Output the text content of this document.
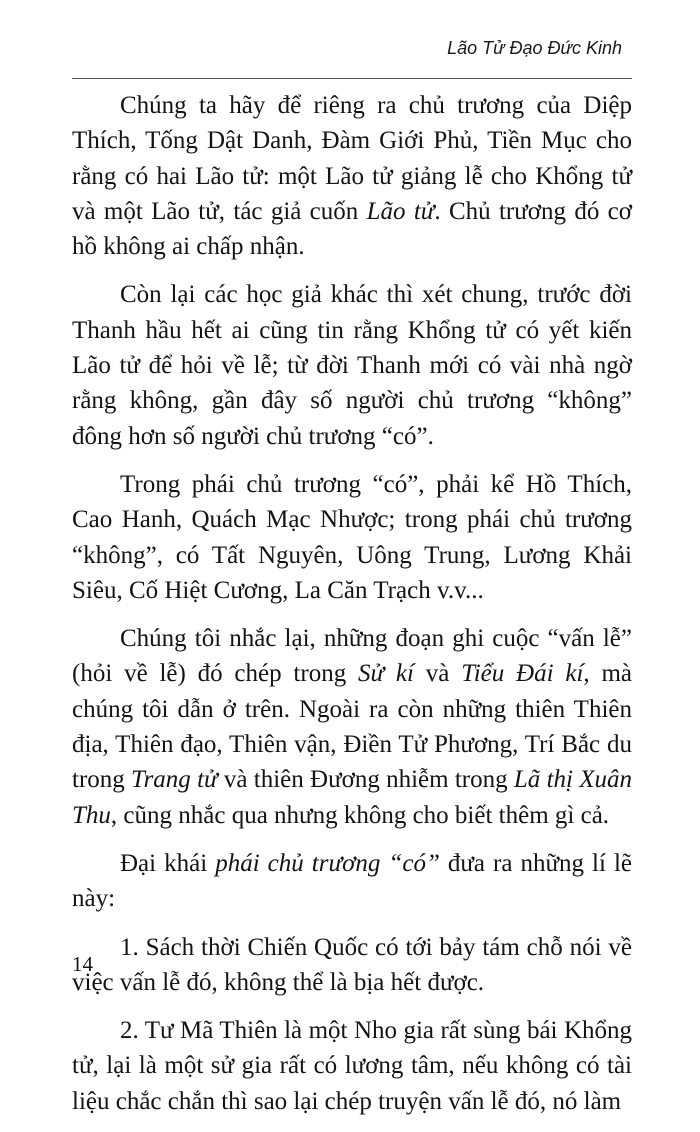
Lão Tử Đạo Đức Kinh

Chúng ta hãy để riêng ra chủ trương của Diệp Thích, Tống Dật Danh, Đàm Giới Phủ, Tiền Mục cho rằng có hai Lão tử: một Lão tử giảng lễ cho Khổng tử và một Lão tử, tác giả cuốn Lão tử. Chủ trương đó cơ hồ không ai chấp nhận.

Còn lại các học giả khác thì xét chung, trước đời Thanh hầu hết ai cũng tin rằng Khổng tử có yết kiến Lão tử để hỏi về lễ; từ đời Thanh mới có vài nhà ngờ rằng không, gần đây số người chủ trương “không” đông hơn số người chủ trương “có”.

Trong phái chủ trương “có”, phải kể Hồ Thích, Cao Hanh, Quách Mạc Nhược; trong phái chủ trương “không”, có Tất Nguyên, Uông Trung, Lương Khải Siêu, Cố Hiệt Cương, La Căn Trạch v.v...

Chúng tôi nhắc lại, những đoạn ghi cuộc “vấn lễ” (hỏi về lễ) đó chép trong Sử kí và Tiểu Đái kí, mà chúng tôi dẫn ở trên. Ngoài ra còn những thiên Thiên địa, Thiên đạo, Thiên vận, Điền Tử Phương, Trí Bắc du trong Trang tử và thiên Đương nhiễm trong Lã thị Xuân Thu, cũng nhắc qua nhưng không cho biết thêm gì cả.

Đại khái phái chủ trương “có” đưa ra những lí lẽ này:

1. Sách thời Chiến Quốc có tới bảy tám chỗ nói về việc vấn lễ đó, không thể là bịa hết được.

2. Tư Mã Thiên là một Nho gia rất sùng bái Khổng tử, lại là một sử gia rất có lương tâm, nếu không có tài liệu chắc chắn thì sao lại chép truyện vấn lễ đó, nó làm

14
